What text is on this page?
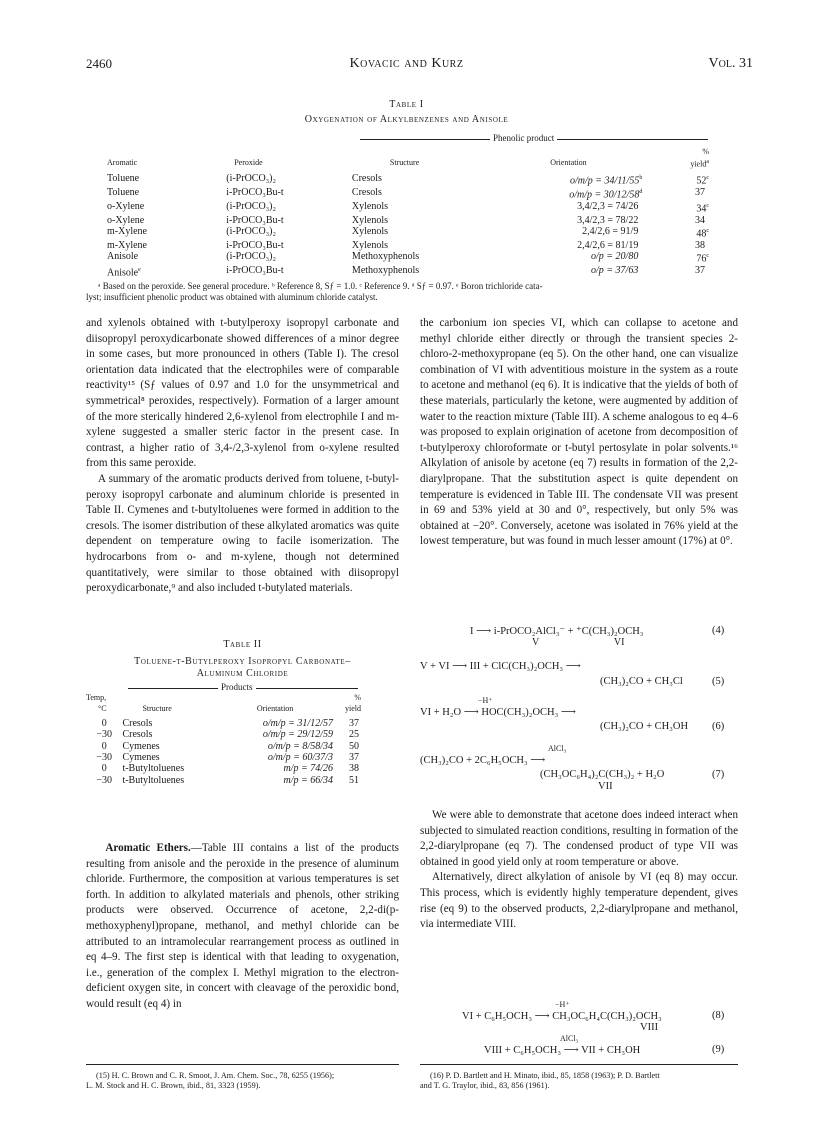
2460	Kovacic and Kurz	Vol. 31
Table I
Oxygenation of Alkylbenzenes and Anisole
Phenolic product
				%
Aromatic	Peroxide	Structure	Orientation	yield$^a$

Toluene	(i-PrOCO₃)₂	Cresols	$o/m/p = 34/11/55^b$	52$^c$
Toluene	i-PrOCO₃Bu-t	Cresols	$o/m/p = 30/12/58^d$	37
o-Xylene	(i-PrOCO₃)₂	Xylenols	3,4/2,3 = 74/26	34$^c$
o-Xylene	i-PrOCO₃Bu-t	Xylenols	3,4/2,3 = 78/22	34
m-Xylene	(i-PrOCO₃)₂	Xylenols	2,4/2,6 = 91/9	48$^c$
m-Xylene	i-PrOCO₃Bu-t	Xylenols	2,4/2,6 = 81/19	38
Anisole	(i-PrOCO₃)₂	Methoxyphenols	o/p = 20/80	76$^c$
Anisole$^e$	i-PrOCO₃Bu-t	Methoxyphenols	o/p = 37/63	37
ᵃ Based on the peroxide. See general procedure. ᵇ Reference 8, Sƒ = 1.0. ᶜ Reference 9. ᵈ Sƒ = 0.97. ᵉ Boron trichloride cata-
lyst; insufficient phenolic product was obtained with aluminum chloride catalyst.

and xylenols obtained with t-butylperoxy isopropyl carbonate and diisopropyl peroxydicarbonate showed differences of a minor degree in some cases, but more pronounced in others (Table I). The cresol orientation data indicated that the electrophiles were of comparable reactivity¹⁵ (Sƒ values of 0.97 and 1.0 for the unsymmetrical and symmetrical⁸ peroxides, respectively). Formation of a larger amount of the more sterically hindered 2,6-xylenol from electrophile I and m-xylene suggested a smaller steric factor in the present case. In contrast, a higher ratio of 3,4-/2,3-xylenol from o-xylene resulted from this same peroxide.

A summary of the aromatic products derived from toluene, t-butyl-peroxy isopropyl carbonate and aluminum chloride is presented in Table II. Cymenes and t-butyltoluenes were formed in addition to the cresols. The isomer distribution of these alkylated aromatics was quite dependent on temperature owing to facile isomerization. The hydrocarbons from o- and m-xylene, though not determined quantitatively, were similar to those obtained with diisopropyl peroxydicarbonate,⁹ and also included t-butylated materials.

Table II
Toluene-t-Butylperoxy Isopropyl Carbonate–
Aluminum Chloride
Products
Temp,			%
°C	Structure	Orientation	yield

0	Cresols	o/m/p = 31/12/57	37
−30	Cresols	o/m/p = 29/12/59	25
0	Cymenes	o/m/p = 8/58/34	50
−30	Cymenes	o/m/p = 60/37/3	37
0	t-Butyltoluenes	m/p = 74/26	38
−30	t-Butyltoluenes	m/p = 66/34	51

​   Aromatic Ethers.—Table III contains a list of the products resulting from anisole and the peroxide in the presence of aluminum chloride. Furthermore, the composition at various temperatures is set forth. In addition to alkylated materials and phenols, other striking products were observed. Occurrence of acetone, 2,2-di(p-methoxyphenyl)propane, methanol, and methyl chloride can be attributed to an intramolecular rearrangement process as outlined in eq 4–9. The first step is identical with that leading to oxygenation, i.e., generation of the complex I. Methyl migration to the electron-deficient oxygen site, in concert with cleavage of the peroxidic bond, would result (eq 4) in

the carbonium ion species VI, which can collapse to acetone and methyl chloride either directly or through the transient species 2-chloro-2-methoxypropane (eq 5). On the other hand, one can visualize combination of VI with adventitious moisture in the system as a route to acetone and methanol (eq 6). It is indicative that the yields of both of these materials, particularly the ketone, were augmented by addition of water to the reaction mixture (Table III). A scheme analogous to eq 4–6 was proposed to explain origination of acetone from decomposition of t-butylperoxy chloroformate or t-butyl pertosylate in polar solvents.¹⁶ Alkylation of anisole by acetone (eq 7) results in formation of the 2,2-diarylpropane. That the substitution aspect is quite dependent on temperature is evidenced in Table III. The condensate VII was present in 69 and 53% yield at 30 and 0°, respectively, but only 5% was obtained at −20°. Conversely, acetone was isolated in 76% yield at the lowest temperature, but was found in much lesser amount (17%) at 0°.

I ⟶ i-PrOCO₂AlCl₃⁻ + ⁺C(CH₃)₂OCH₃
V                              VI
(4)
V + VI ⟶ III + ClC(CH₃)₂OCH₃ ⟶
(CH₃)₂CO + CH₃Cl	(5)
−H⁺
VI + H₂O ⟶ HOC(CH₃)₂OCH₃ ⟶
(CH₃)₂CO + CH₃OH (6)
AlCl₃
(CH₃)₂CO + 2C₆H₅OCH₃ ⟶
(CH₃OC₆H₄)₂C(CH₃)₂ + H₂O
VII
(7)

We were able to demonstrate that acetone does indeed interact when subjected to simulated reaction conditions, resulting in formation of the 2,2-diarylpropane (eq 7). The condensed product of type VII was obtained in good yield only at room temperature or above.

Alternatively, direct alkylation of anisole by VI (eq 8) may occur. This process, which is evidently highly temperature dependent, gives rise (eq 9) to the observed products, 2,2-diarylpropane and methanol, via intermediate VIII.

−H⁺
VI + C₆H₅OCH₃ ⟶ CH₃OC₆H₄C(CH₃)₂OCH₃
VIII
(8)
AlCl₃
VIII + C₆H₅OCH₃ ⟶ VII + CH₃OH	(9)
(15) H. C. Brown and C. R. Smoot, J. Am. Chem. Soc., 78, 6255 (1956);
L. M. Stock and H. C. Brown, ibid., 81, 3323 (1959).
(16) P. D. Bartlett and H. Minato, ibid., 85, 1858 (1963); P. D. Bartlett
and T. G. Traylor, ibid., 83, 856 (1961).
